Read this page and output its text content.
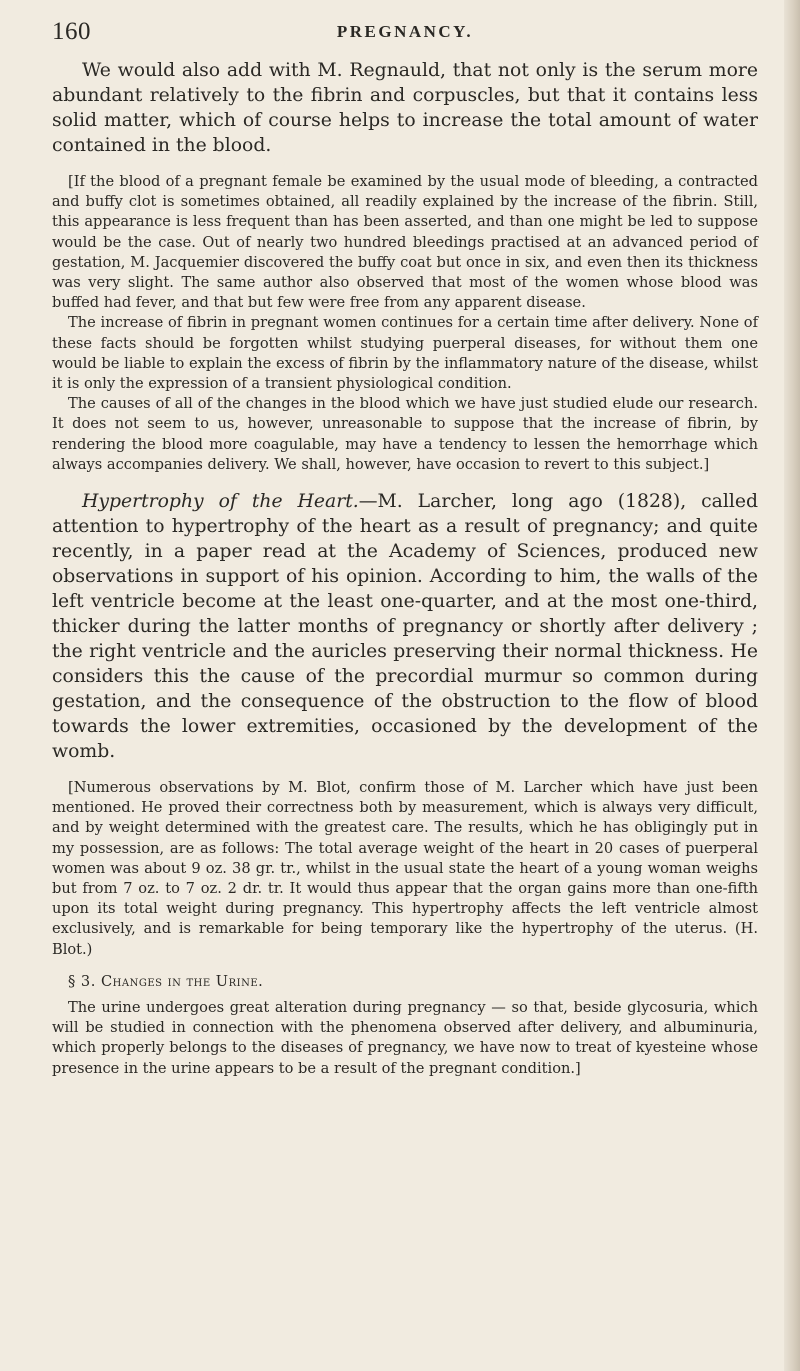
160	PREGNANCY.

We would also add with M. Regnauld, that not only is the serum more abundant relatively to the fibrin and corpuscles, but that it contains less solid matter, which of course helps to increase the total amount of water contained in the blood.

[If the blood of a pregnant female be examined by the usual mode of bleeding, a contracted and buffy clot is sometimes obtained, all readily explained by the increase of the fibrin. Still, this appearance is less frequent than has been asserted, and than one might be led to suppose would be the case. Out of nearly two hundred bleedings practised at an advanced period of gestation, M. Jacquemier discovered the buffy coat but once in six, and even then its thickness was very slight. The same author also observed that most of the women whose blood was buffed had fever, and that but few were free from any apparent disease.

The increase of fibrin in pregnant women continues for a certain time after delivery. None of these facts should be forgotten whilst studying puerperal diseases, for without them one would be liable to explain the excess of fibrin by the inflammatory nature of the disease, whilst it is only the expression of a transient physiological condition.

The causes of all of the changes in the blood which we have just studied elude our research. It does not seem to us, however, unreasonable to suppose that the increase of fibrin, by rendering the blood more coagulable, may have a tendency to lessen the hemorrhage which always accompanies delivery. We shall, however, have occasion to revert to this subject.]

Hypertrophy of the Heart.—M. Larcher, long ago (1828), called attention to hypertrophy of the heart as a result of pregnancy; and quite recently, in a paper read at the Academy of Sciences, produced new observations in support of his opinion. According to him, the walls of the left ventricle become at the least one-quarter, and at the most one-third, thicker during the latter months of pregnancy or shortly after delivery ; the right ventricle and the auricles preserving their normal thickness. He considers this the cause of the precordial murmur so common during gestation, and the consequence of the obstruction to the flow of blood towards the lower extremities, occasioned by the development of the womb.

[Numerous observations by M. Blot, confirm those of M. Larcher which have just been mentioned. He proved their correctness both by measurement, which is always very difficult, and by weight determined with the greatest care. The results, which he has obligingly put in my possession, are as follows: The total average weight of the heart in 20 cases of puerperal women was about 9 oz. 38 gr. tr., whilst in the usual state the heart of a young woman weighs but from 7 oz. to 7 oz. 2 dr. tr. It would thus appear that the organ gains more than one-fifth upon its total weight during pregnancy. This hypertrophy affects the left ventricle almost exclusively, and is remarkable for being temporary like the hypertrophy of the uterus. (H. Blot.)

§ 3. Changes in the Urine.

The urine undergoes great alteration during pregnancy — so that, beside glycosuria, which will be studied in connection with the phenomena observed after delivery, and albuminuria, which properly belongs to the diseases of pregnancy, we have now to treat of kyesteine whose presence in the urine appears to be a result of the pregnant condition.]
